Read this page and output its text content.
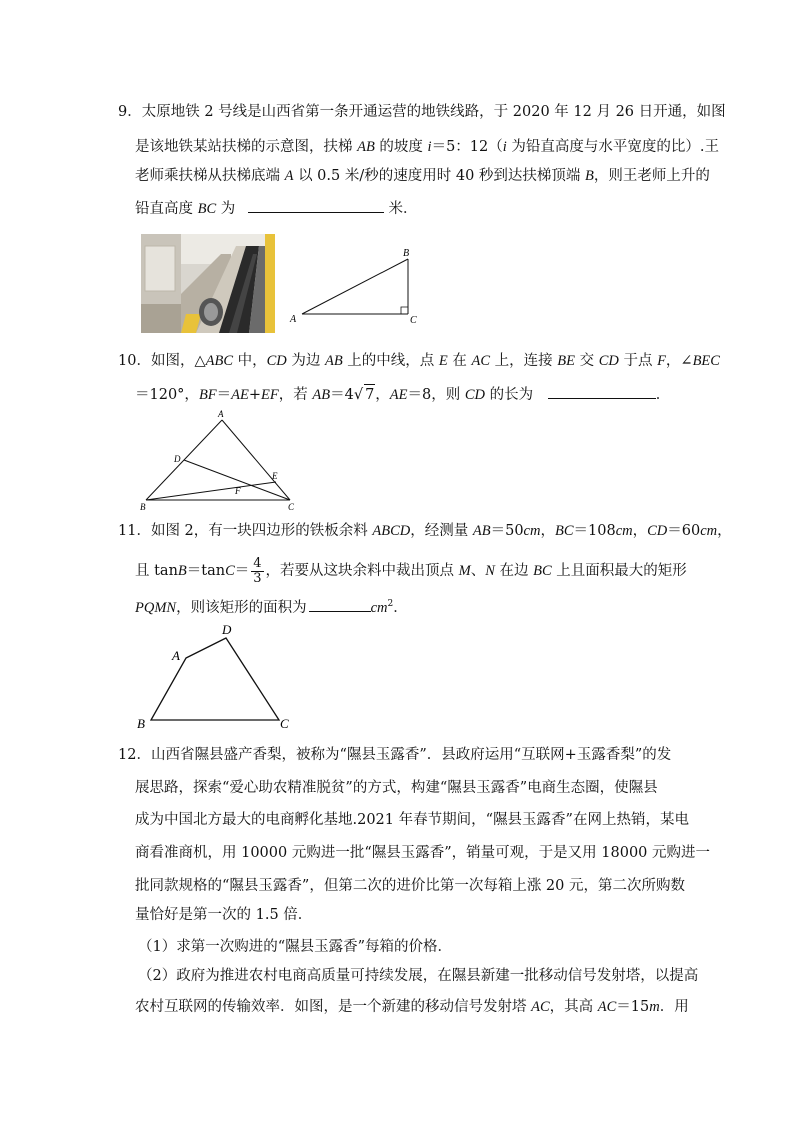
9．太原地铁 2 号线是山西省第一条开通运营的地铁线路，于 2020 年 12 月 26 日开通，如图
是该地铁某站扶梯的示意图，扶梯 AB 的坡度 i＝5：12（i 为铅直高度与水平宽度的比）.王
老师乘扶梯从扶梯底端 A 以 0.5 米/秒的速度用时 40 秒到达扶梯顶端 B，则王老师上升的
铅直高度 BC 为	米．
A
B
C
10．如图，△ABC 中，CD 为边 AB 上的中线，点 E 在 AC 上，连接 BE 交 CD 于点 F，∠BEC
＝120°，BF＝AE+EF，若 AB＝4√ 7，AE＝8，则 CD 的长为	．
A
B	C
D
E
F
11．如图 2，有一块四边形的铁板余料 ABCD，经测量 AB＝50cm，BC＝108cm，CD＝60cm，
且 $\tan B=\tan C= \frac{4}{3}$ ，若要从这块余料中裁出顶点 M、N 在边 BC 上且面积最大的矩形
PQMN，则该矩形的面积为	$cm^2$．
A
D
B	C
12．山西省隰县盛产香梨，被称为“隰县玉露香”．县政府运用“互联网+玉露香梨”的发
展思路，探索“爱心助农精准脱贫”的方式，构建“隰县玉露香”电商生态圈，使隰县
成为中国北方最大的电商孵化基地.2021 年春节期间，“隰县玉露香”在网上热销，某电
商看准商机，用 10000 元购进一批“隰县玉露香”，销量可观，于是又用 18000 元购进一
批同款规格的“隰县玉露香”，但第二次的进价比第一次每箱上涨 20 元，第二次所购数
量恰好是第一次的 1.5 倍．
（1）求第一次购进的“隰县玉露香”每箱的价格．
（2）政府为推进农村电商高质量可持续发展，在隰县新建一批移动信号发射塔，以提高
农村互联网的传输效率．如图，是一个新建的移动信号发射塔 AC，其高 AC＝15m．用
